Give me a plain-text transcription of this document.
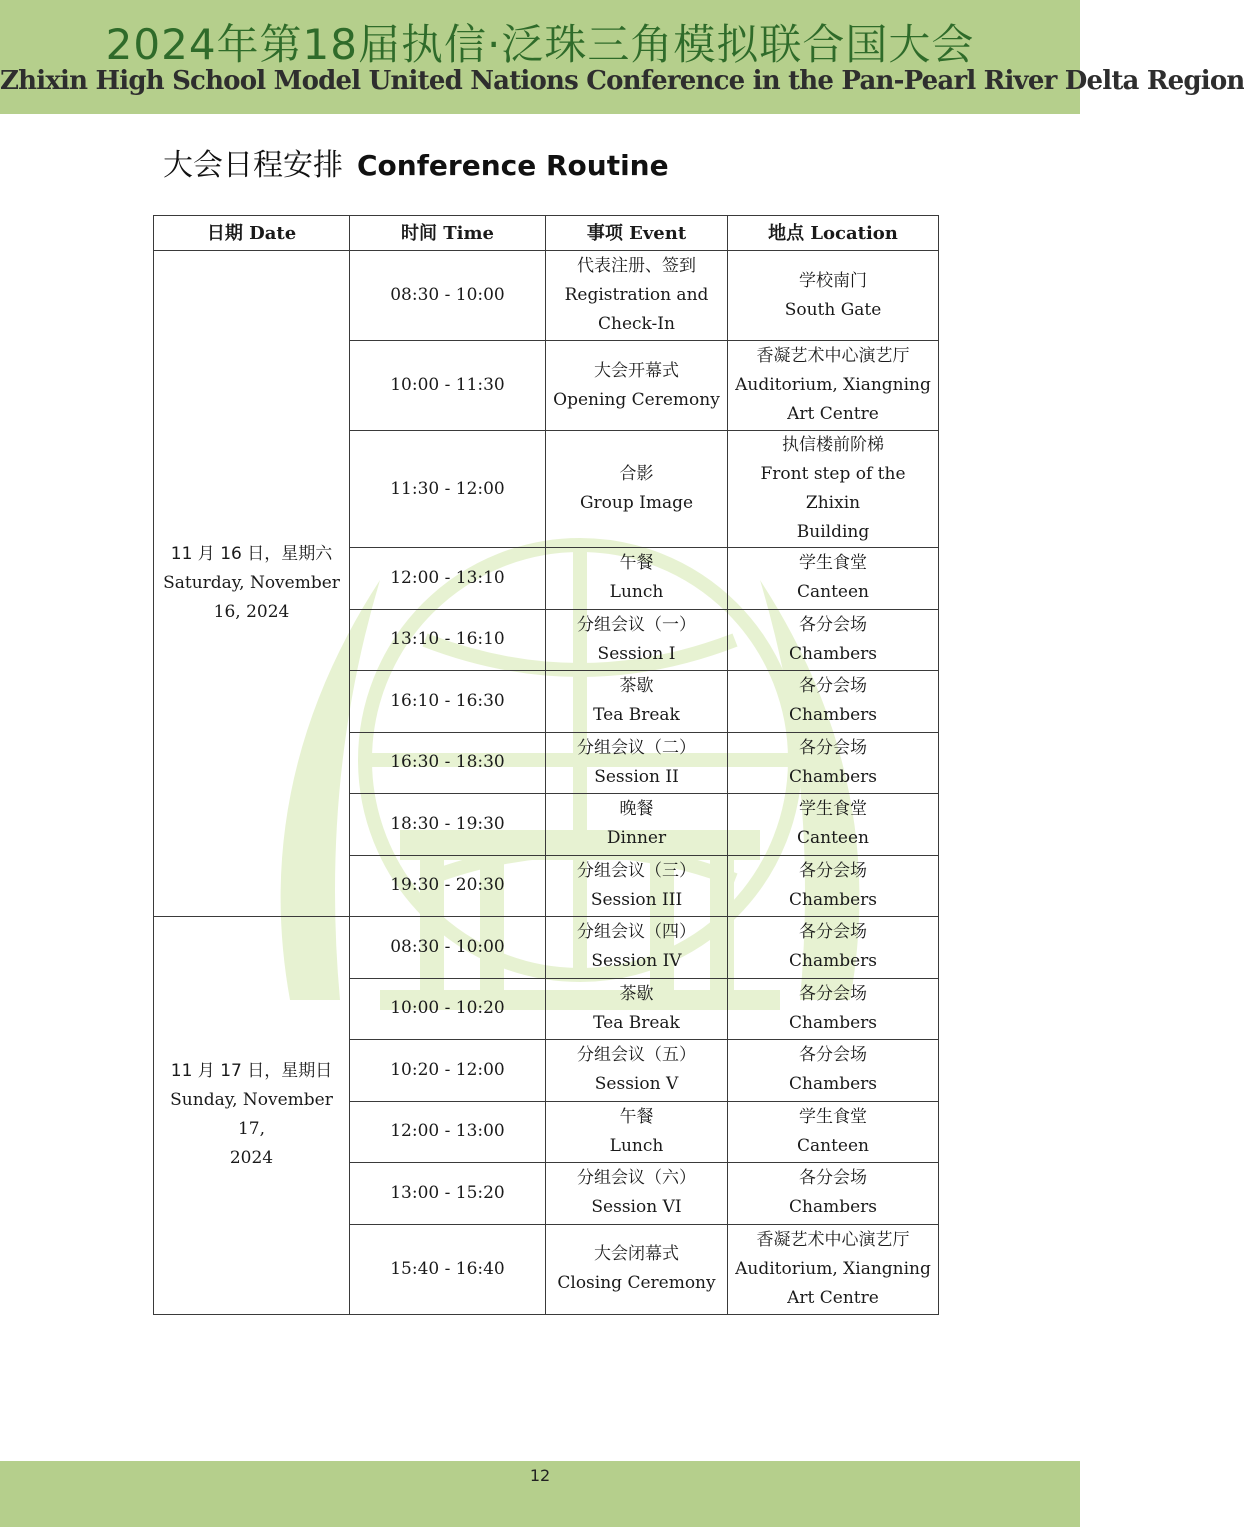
2024年第18届执信·泛珠三角模拟联合国大会
Zhixin High School Model United Nations Conference in the Pan-Pearl River Delta Region
大会日程安排 Conference Routine
日期 Date	时间 Time	事项 Event	地点 Location

11 月 16 日，星期六
Saturday, November
16, 2024	08:30 - 10:00	代表注册、签到
Registration and
Check-In	学校南门
South Gate

	10:00 - 11:30	大会开幕式
Opening Ceremony	香凝艺术中心演艺厅
Auditorium, Xiangning
Art Centre

	11:30 - 12:00	合影
Group Image	执信楼前阶梯
Front step of the Zhixin
Building

	12:00 - 13:10	午餐
Lunch	学生食堂
Canteen

	13:10 - 16:10	分组会议（一）
Session I	各分会场
Chambers

	16:10 - 16:30	茶歇
Tea Break	各分会场
Chambers

	16:30 - 18:30	分组会议（二）
Session II	各分会场
Chambers

	18:30 - 19:30	晚餐
Dinner	学生食堂
Canteen

	19:30 - 20:30	分组会议（三）
Session III	各分会场
Chambers

11 月 17 日，星期日
Sunday, November 17,
2024	08:30 - 10:00	分组会议（四）
Session IV	各分会场
Chambers

	10:00 - 10:20	茶歇
Tea Break	各分会场
Chambers

	10:20 - 12:00	分组会议（五）
Session V	各分会场
Chambers

	12:00 - 13:00	午餐
Lunch	学生食堂
Canteen

	13:00 - 15:20	分组会议（六）
Session VI	各分会场
Chambers

	15:40 - 16:40	大会闭幕式
Closing Ceremony	香凝艺术中心演艺厅
Auditorium, Xiangning
Art Centre
12
